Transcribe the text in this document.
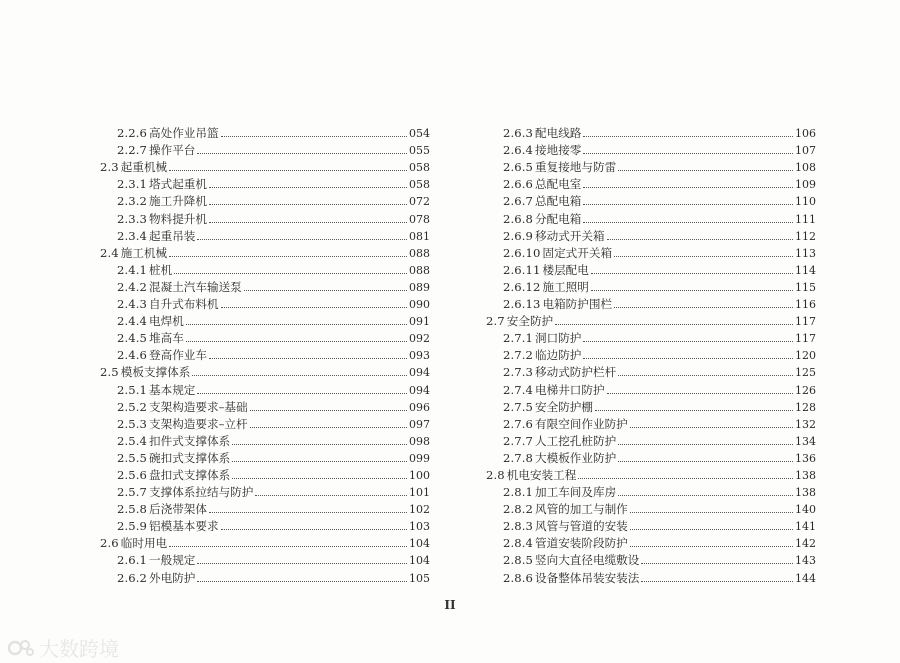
2.2.6 高处作业吊篮	054
2.2.7 操作平台	055
2.3 起重机械	058
2.3.1 塔式起重机	058
2.3.2 施工升降机	072
2.3.3 物料提升机	078
2.3.4 起重吊装	081
2.4 施工机械	088
2.4.1 桩机	088
2.4.2 混凝土汽车输送泵	089
2.4.3 自升式布料机	090
2.4.4 电焊机	091
2.4.5 堆高车	092
2.4.6 登高作业车	093
2.5 模板支撑体系	094
2.5.1 基本规定	094
2.5.2 支架构造要求–基础	096
2.5.3 支架构造要求–立杆	097
2.5.4 扣件式支撑体系	098
2.5.5 碗扣式支撑体系	099
2.5.6 盘扣式支撑体系	100
2.5.7 支撑体系拉结与防护	101
2.5.8 后浇带架体	102
2.5.9 铝模基本要求	103
2.6 临时用电	104
2.6.1 一般规定	104
2.6.2 外电防护	105
2.6.3 配电线路	106
2.6.4 接地接零	107
2.6.5 重复接地与防雷	108
2.6.6 总配电室	109
2.6.7 总配电箱	110
2.6.8 分配电箱	111
2.6.9 移动式开关箱	112
2.6.10 固定式开关箱	113
2.6.11 楼层配电	114
2.6.12 施工照明	115
2.6.13 电箱防护围栏	116
2.7 安全防护	117
2.7.1 洞口防护	117
2.7.2 临边防护	120
2.7.3 移动式防护栏杆	125
2.7.4 电梯井口防护	126
2.7.5 安全防护棚	128
2.7.6 有限空间作业防护	132
2.7.7 人工挖孔桩防护	134
2.7.8 大模板作业防护	136
2.8 机电安装工程	138
2.8.1 加工车间及库房	138
2.8.2 风管的加工与制作	140
2.8.3 风管与管道的安装	141
2.8.4 管道安装阶段防护	142
2.8.5 竖向大直径电缆敷设	143
2.8.6 设备整体吊装安装法	144
II
大数跨境
